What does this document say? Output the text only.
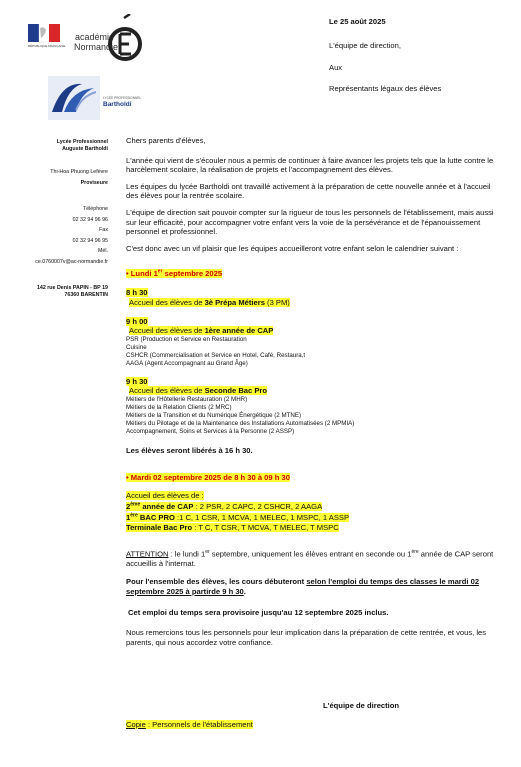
RÉPUBLIQUE FRANÇAISE
académie
Normandie
LYCÉE PROFESSIONNEL
Bartholdi
Le 25 août 2025
L'équipe de direction,
Aux
Représentants légaux des élèves
Lycée Professionnel
Auguste Bartholdi
Thi-Hoa Phuong Lefèvre
Proviseure
Téléphone
02 32 94 96 96
Fax
02 32 94 96 95
Mél.
ce.0760007v@ac-normandie.fr
142 rue Denis PAPIN - BP 19
76360 BARENTIN

Chers parents d'élèves,

L'année qui vient de s'écouler nous a permis de continuer à faire avancer les projets tels que la lutte contre le harcèlement scolaire, la réalisation de projets et l'accompagnement des élèves.

Les équipes du lycée Bartholdi ont travaillé activement à la préparation de cette nouvelle année et à l'accueil des élèves pour la rentrée scolaire.

L'équipe de direction sait pouvoir compter sur la rigueur de tous les personnels de l'établissement, mais aussi sur leur efficacité, pour accompagner votre enfant vers la voie de la persévérance et de l'épanouissement personnel et professionnel.

C'est donc avec un vif plaisir que les équipes accueilleront votre enfant selon le calendrier suivant :

• Lundi 1er septembre 2025

8 h 30

Accueil des élèves de 3è Prépa Métiers (3 PM)

9 h 00

Accueil des élèves de 1ère année de CAP

PSR (Production et Service en Restauration
Cuisine
CSHCR (Commercialisation et Service en Hotel, Café, Restaura,t
AAGA (Agent Accompagnant au Grand Âge)

9 h 30

Accueil des élèves de Seconde Bac Pro

Métiers de l'Hôtellerie Restauration (2 MHR)
Métiers de la Relation Clients (2 MRC)
Métiers de la Transition et du Numérique Énergétique (2 MTNE)
Métiers du Pilotage et de la Maintenance des Installations Automatisées (2 MPMIA)
Accompagnement, Soins et Services à la Personne (2 ASSP)

Les élèves seront libérés à 16 h 30.

• Mardi 02 septembre 2025 de 8 h 30 à 09 h 30

Accueil des élèves de :

2ème année de CAP : 2 PSR, 2 CAPC, 2 CSHCR, 2 AAGA

1ère BAC PRO :1 C, 1 CSR, 1 MCVA, 1 MELEC, 1 MSPC, 1 ASSP

Terminale Bac Pro : T C, T CSR, T MCVA, T MELEC, T MSPC

ATTENTION : le lundi 1er septembre, uniquement les élèves entrant en seconde ou 1ère année de CAP seront accueillis à l'internat.

Pour l'ensemble des élèves, les cours débuteront selon l'emploi du temps des classes le mardi 02 septembre 2025 à partirde 9 h 30.

Cet emploi du temps sera provisoire jusqu'au 12 septembre 2025 inclus.

Nous remercions tous les personnels pour leur implication dans la préparation de cette rentrée, et vous, les parents, qui nous accordez votre confiance.

L'équipe de direction
Copie : Personnels de l'établissement
